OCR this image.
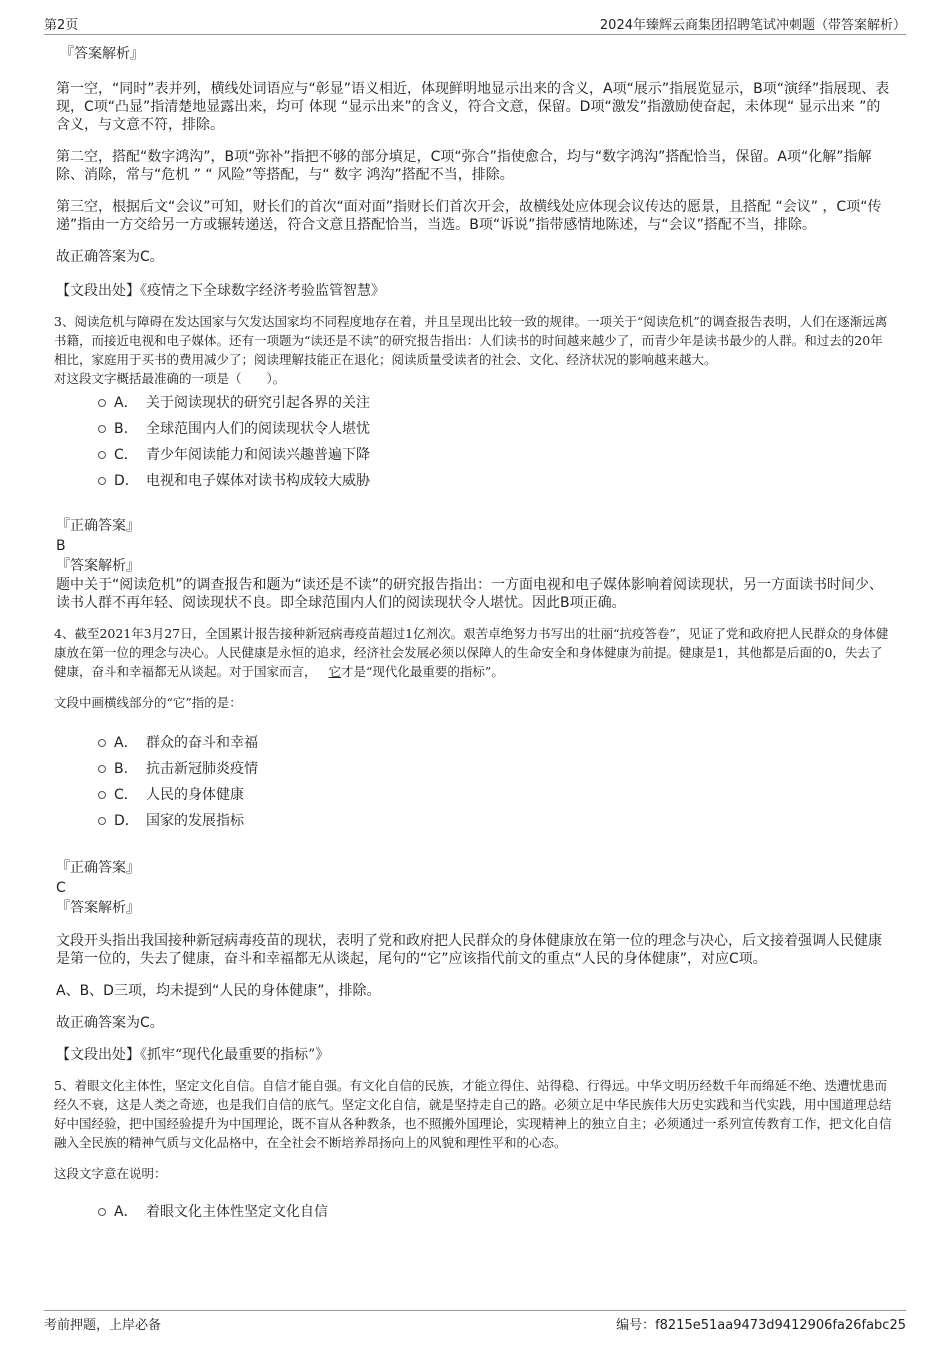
第2页	2024年臻辉云商集团招聘笔试冲刺题（带答案解析）
『答案解析』

第一空，“同时”表并列，横线处词语应与“彰显”语义相近，体现鲜明地显示出来的含义，A项“展示”指展览显示，B项“演绎”指展现、表现，C项“凸显”指清楚地显露出来，均可 体现 “显示出来”的含义，符合文意，保留。D项“激发”指激励使奋起，未体现“ 显示出来 ”的含义，与文意不符，排除。

第二空，搭配“数字鸿沟”，B项“弥补”指把不够的部分填足，C项“弥合”指使愈合，均与“数字鸿沟”搭配恰当，保留。A项“化解”指解除、消除，常与“危机 ” “ 风险”等搭配，与“ 数字 鸿沟”搭配不当，排除。

第三空，根据后文“会议”可知，财长们的首次“面对面”指财长们首次开会，故横线处应体现会议传达的愿景，且搭配 “会议” ，C项“传递”指由一方交给另一方或辗转递送，符合文意且搭配恰当，当选。B项“诉说”指带感情地陈述，与“会议”搭配不当，排除。

故正确答案为C。

【文段出处】《疫情之下全球数字经济考验监管智慧》

3、阅读危机与障碍在发达国家与欠发达国家均不同程度地存在着，并且呈现出比较一致的规律。一项关于“阅读危机”的调查报告表明，人们在逐渐远离书籍，而接近电视和电子媒体。还有一项题为“读还是不读”的研究报告指出：人们读书的时间越来越少了，而青少年是读书最少的人群。和过去的20年相比，家庭用于买书的费用减少了；阅读理解技能正在退化；阅读质量受读者的社会、文化、经济状况的影响越来越大。

对这段文字概括最准确的一项是（　　）。

A． 关于阅读现状的研究引起各界的关注
B. 全球范围内人们的阅读现状令人堪忧
C． 青少年阅读能力和阅读兴趣普遍下降
D． 电视和电子媒体对读书构成较大威胁
『正确答案』
B
『答案解析』

题中关于“阅读危机”的调查报告和题为“读还是不读”的研究报告指出：一方面电视和电子媒体影响着阅读现状，另一方面读书时间少、读书人群不再年轻、阅读现状不良。即全球范围内人们的阅读现状令人堪忧。因此B项正确。

4、截至2021年3月27日，全国累计报告接种新冠病毒疫苗超过1亿剂次。艰苦卓绝努力书写出的壮丽“抗疫答卷”，见证了党和政府把人民群众的身体健康放在第一位的理念与决心。人民健康是永恒的追求，经济社会发展必须以保障人的生命安全和身体健康为前提。健康是1，其他都是后面的0，失去了健康，奋斗和幸福都无从谈起。对于国家而言， 它才是“现代化最重要的指标”。

文段中画横线部分的“它”指的是：

A． 群众的奋斗和幸福
B. 抗击新冠肺炎疫情
C． 人民的身体健康
D． 国家的发展指标
『正确答案』
C
『答案解析』

文段开头指出我国接种新冠病毒疫苗的现状，表明了党和政府把人民群众的身体健康放在第一位的理念与决心，后文接着强调人民健康是第一位的，失去了健康，奋斗和幸福都无从谈起，尾句的“它”应该指代前文的重点“人民的身体健康”，对应C项。

A、B、D三项，均未提到“人民的身体健康”，排除。

故正确答案为C。

【文段出处】《抓牢“现代化最重要的指标”》

5、着眼文化主体性，坚定文化自信。自信才能自强。有文化自信的民族，才能立得住、站得稳、行得远。中华文明历经数千年而绵延不绝、迭遭忧患而经久不衰，这是人类之奇迹，也是我们自信的底气。坚定文化自信，就是坚持走自己的路。必须立足中华民族伟大历史实践和当代实践，用中国道理总结好中国经验，把中国经验提升为中国理论，既不盲从各种教条，也不照搬外国理论，实现精神上的独立自主；必须通过一系列宣传教育工作，把文化自信融入全民族的精神气质与文化品格中，在全社会不断培养昂扬向上的风貌和理性平和的心态。

这段文字意在说明：

A． 着眼文化主体性坚定文化自信
考前押题，上岸必备	编号：f8215e51aa9473d9412906fa26fabc25
